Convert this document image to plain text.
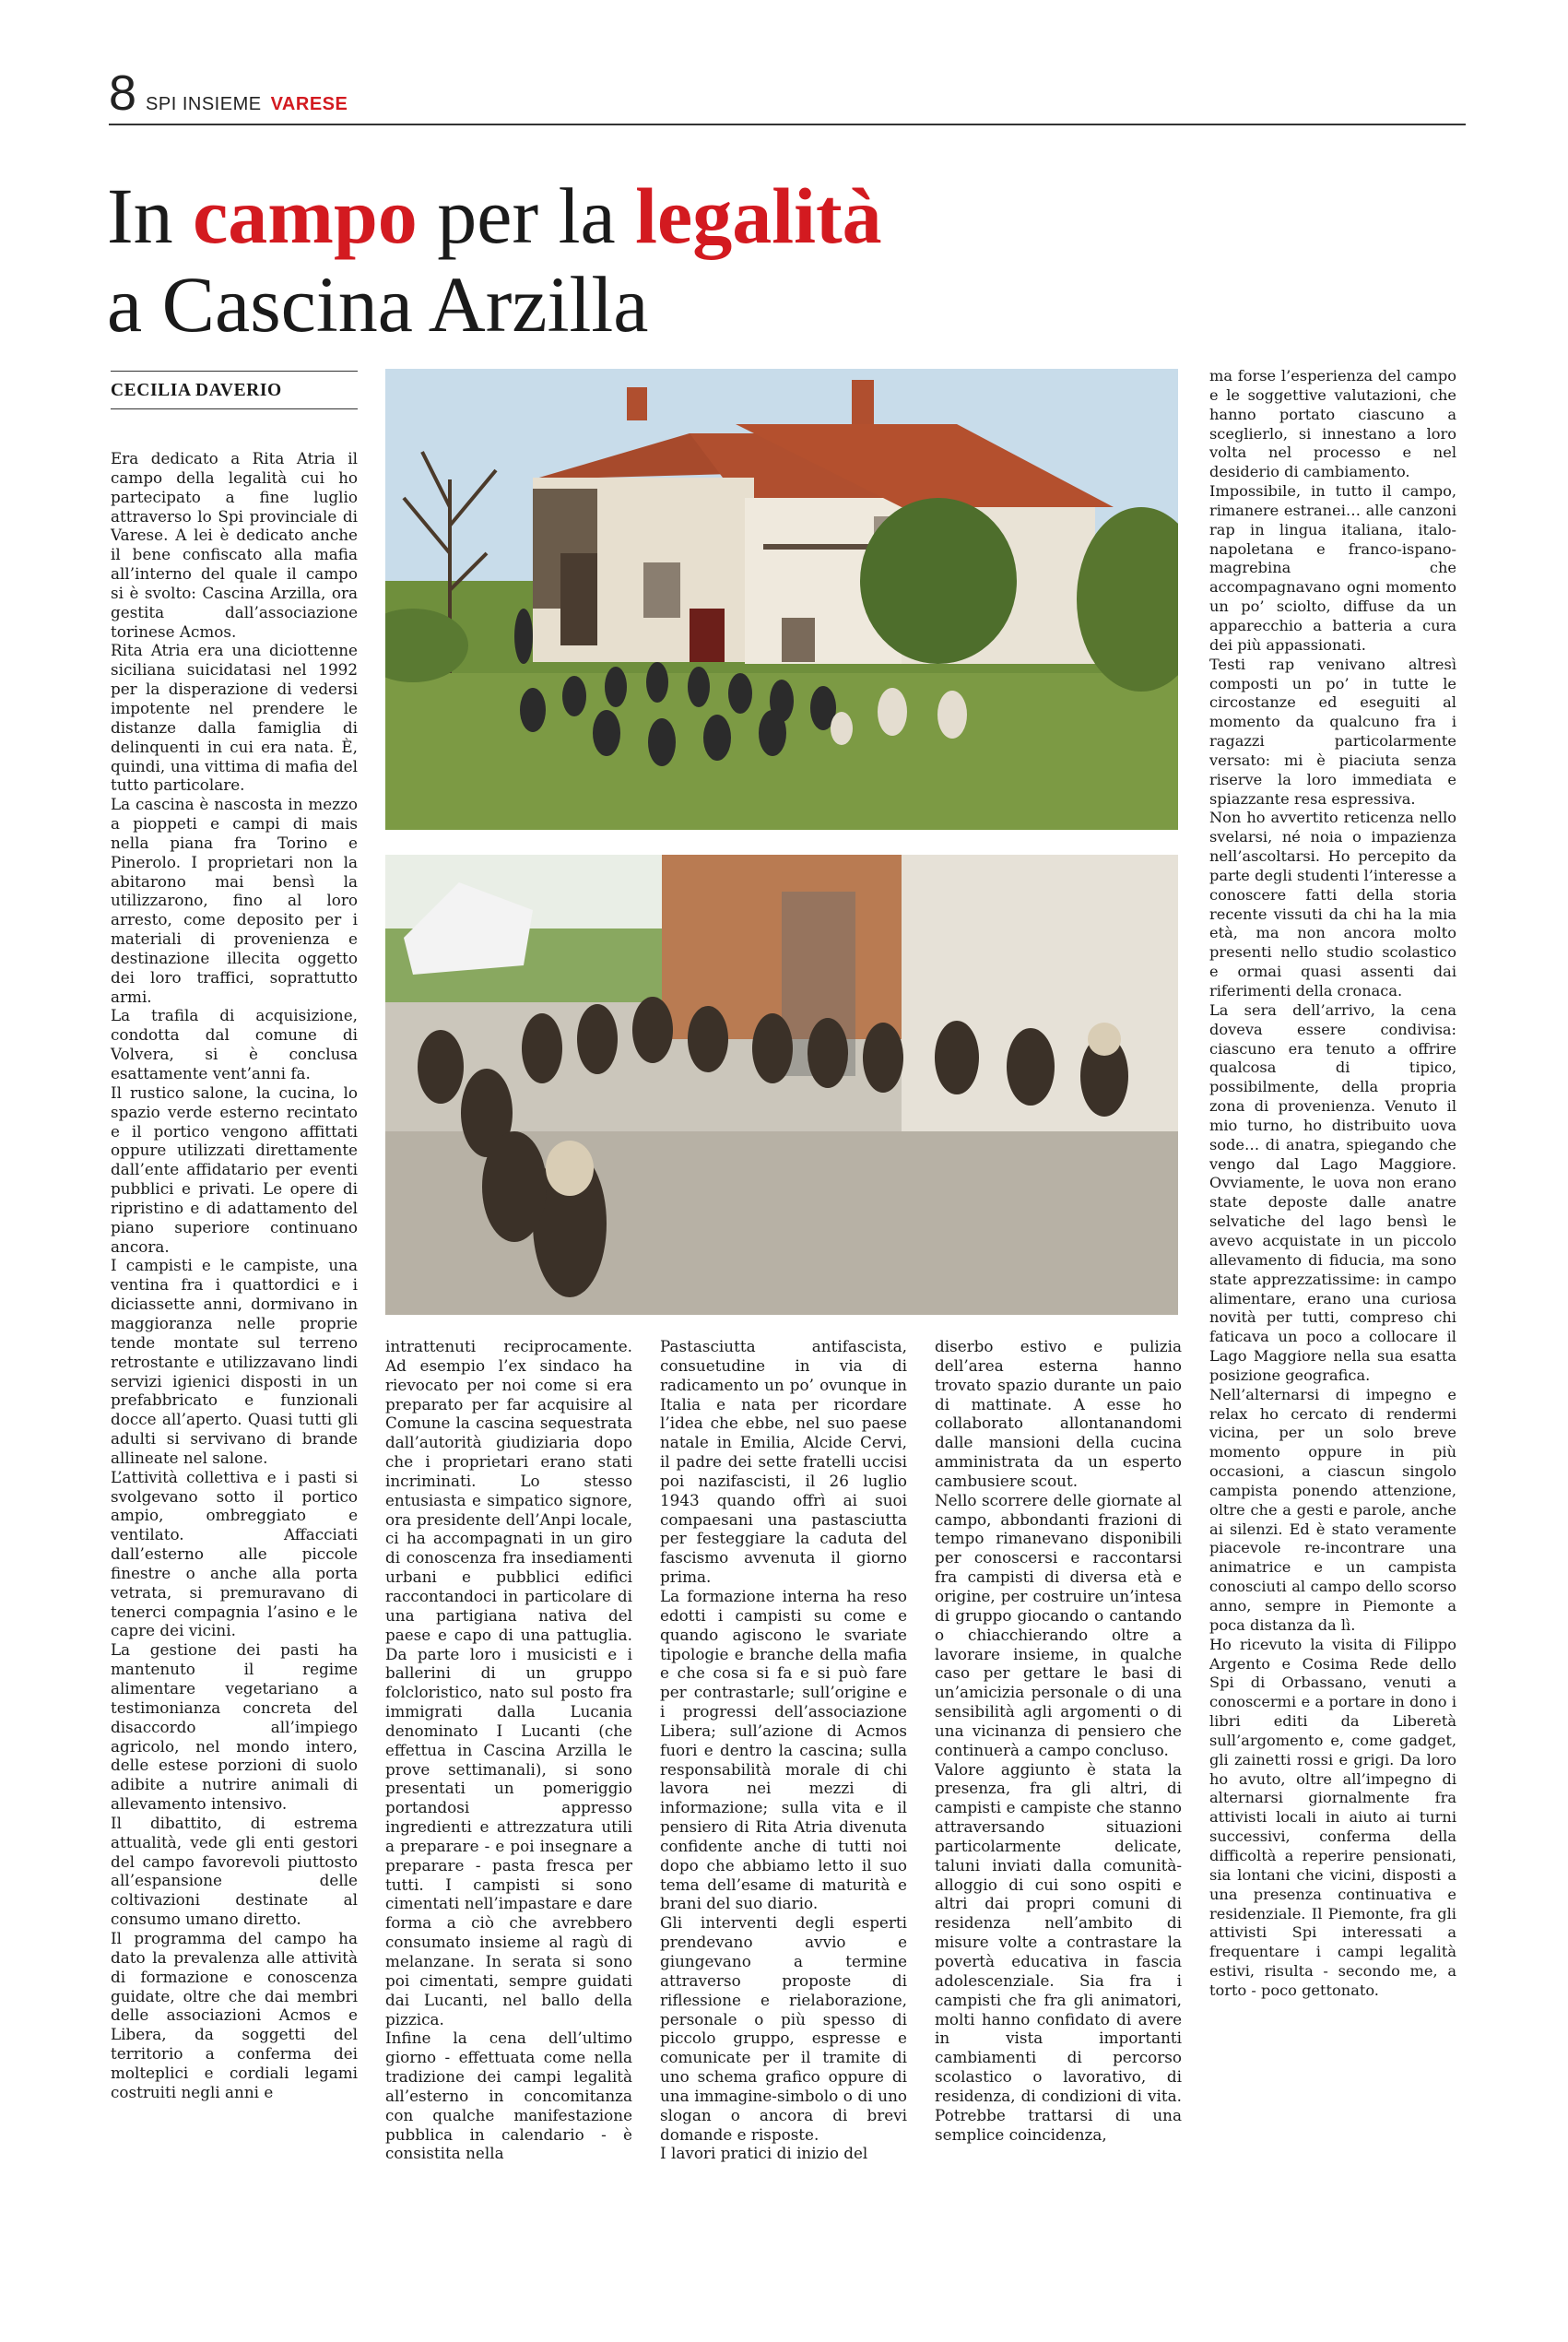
8 SPI INSIEME VARESE
In campo per la legalità
a Cascina Arzilla
CECILIA DAVERIO

Era dedicato a Rita Atria il campo della legalità cui ho partecipato a fine luglio attraverso lo Spi provinciale di Varese. A lei è dedicato anche il bene confiscato alla mafia all’interno del quale il campo si è svolto: Cascina Arzilla, ora gestita dall’associazione torinese Acmos.

Rita Atria era una diciottenne siciliana suicidatasi nel 1992 per la disperazione di vedersi impotente nel prendere le distanze dalla famiglia di delinquenti in cui era nata. È, quindi, una vittima di mafia del tutto particolare.

La cascina è nascosta in mezzo a pioppeti e campi di mais nella piana fra Torino e Pinerolo. I proprietari non la abitarono mai bensì la utilizzarono, fino al loro arresto, come deposito per i materiali di provenienza e destinazione illecita oggetto dei loro traffici, soprattutto armi.

La trafila di acquisizione, condotta dal comune di Volvera, si è conclusa esattamente vent’anni fa.

Il rustico salone, la cucina, lo spazio verde esterno recintato e il portico vengono affittati oppure utilizzati direttamente dall’ente affidatario per eventi pubblici e privati. Le opere di ripristino e di adattamento del piano superiore continuano ancora.

I campisti e le campiste, una ventina fra i quattordici e i diciassette anni, dormivano in maggioranza nelle proprie tende montate sul terreno retrostante e utilizzavano lindi servizi igienici disposti in un prefabbricato e funzionali docce all’aperto. Quasi tutti gli adulti si servivano di brande allineate nel salone.

L’attività collettiva e i pasti si svolgevano sotto il portico ampio, ombreggiato e ventilato. Affacciati dall’esterno alle piccole finestre o anche alla porta vetrata, si premuravano di tenerci compagnia l’asino e le capre dei vicini.

La gestione dei pasti ha mantenuto il regime alimentare vegetariano a testimonianza concreta del disaccordo all’impiego agricolo, nel mondo intero, delle estese porzioni di suolo adibite a nutrire animali di allevamento intensivo.

Il dibattito, di estrema attualità, vede gli enti gestori del campo favorevoli piuttosto all’espansione delle coltivazioni destinate al consumo umano diretto.

Il programma del campo ha dato la prevalenza alle attività di formazione e conoscenza guidate, oltre che dai membri delle associazioni Acmos e Libera, da soggetti del territorio a conferma dei molteplici e cordiali legami costruiti negli anni e

intrattenuti reciprocamente. Ad esempio l’ex sindaco ha rievocato per noi come si era preparato per far acquisire al Comune la cascina sequestrata dall’autorità giudiziaria dopo che i proprietari erano stati incriminati. Lo stesso entusiasta e simpatico signore, ora presidente dell’Anpi locale, ci ha accompagnati in un giro di conoscenza fra insediamenti urbani e pubblici edifici raccontandoci in particolare di una partigiana nativa del paese e capo di una pattuglia. Da parte loro i musicisti e i ballerini di un gruppo folcloristico, nato sul posto fra immigrati dalla Lucania denominato I Lucanti (che effettua in Cascina Arzilla le prove settimanali), si sono presentati un pomeriggio portandosi appresso ingredienti e attrezzatura utili a preparare - e poi insegnare a preparare - pasta fresca per tutti. I campisti si sono cimentati nell’impastare e dare forma a ciò che avrebbero consumato insieme al ragù di melanzane. In serata si sono poi cimentati, sempre guidati dai Lucanti, nel ballo della pizzica.

Infine la cena dell’ultimo giorno - effettuata come nella tradizione dei campi legalità all’esterno in concomitanza con qualche manifestazione pubblica in calendario - è consistita nella

Pastasciutta antifascista, consuetudine in via di radicamento un po’ ovunque in Italia e nata per ricordare l’idea che ebbe, nel suo paese natale in Emilia, Alcide Cervi, il padre dei sette fratelli uccisi poi nazifascisti, il 26 luglio 1943 quando offrì ai suoi compaesani una pastasciutta per festeggiare la caduta del fascismo avvenuta il giorno prima.

La formazione interna ha reso edotti i campisti su come e quando agiscono le svariate tipologie e branche della mafia e che cosa si fa e si può fare per contrastarle; sull’origine e i progressi dell’associazione Libera; sull’azione di Acmos fuori e dentro la cascina; sulla responsabilità morale di chi lavora nei mezzi di informazione; sulla vita e il pensiero di Rita Atria divenuta confidente anche di tutti noi dopo che abbiamo letto il suo tema dell’esame di maturità e brani del suo diario.

Gli interventi degli esperti prendevano avvio e giungevano a termine attraverso proposte di riflessione e rielaborazione, personale o più spesso di piccolo gruppo, espresse e comunicate per il tramite di uno schema grafico oppure di una immagine-simbolo o di uno slogan o ancora di brevi domande e risposte.

I lavori pratici di inizio del

diserbo estivo e pulizia dell’area esterna hanno trovato spazio durante un paio di mattinate. A esse ho collaborato allontanandomi dalle mansioni della cucina amministrata da un esperto cambusiere scout.

Nello scorrere delle giornate al campo, abbondanti frazioni di tempo rimanevano disponibili per conoscersi e raccontarsi fra campisti di diversa età e origine, per costruire un’intesa di gruppo giocando o cantando o chiacchierando oltre a lavorare insieme, in qualche caso per gettare le basi di un’amicizia personale o di una sensibilità agli argomenti o di una vicinanza di pensiero che continuerà a campo concluso.

Valore aggiunto è stata la presenza, fra gli altri, di campisti e campiste che stanno attraversando situazioni particolarmente delicate, taluni inviati dalla comunità-alloggio di cui sono ospiti e altri dai propri comuni di residenza nell’ambito di misure volte a contrastare la povertà educativa in fascia adolescenziale. Sia fra i campisti che fra gli animatori, molti hanno confidato di avere in vista importanti cambiamenti di percorso scolastico o lavorativo, di residenza, di condizioni di vita. Potrebbe trattarsi di una semplice coincidenza,

ma forse l’esperienza del campo e le soggettive valutazioni, che hanno portato ciascuno a sceglierlo, si innestano a loro volta nel processo e nel desiderio di cambiamento.

Impossibile, in tutto il campo, rimanere estranei… alle canzoni rap in lingua italiana, italo-napoletana e franco-ispano-magrebina che accompagnavano ogni momento un po’ sciolto, diffuse da un apparecchio a batteria a cura dei più appassionati.

Testi rap venivano altresì composti un po’ in tutte le circostanze ed eseguiti al momento da qualcuno fra i ragazzi particolarmente versato: mi è piaciuta senza riserve la loro immediata e spiazzante resa espressiva.

Non ho avvertito reticenza nello svelarsi, né noia o impazienza nell’ascoltarsi. Ho percepito da parte degli studenti l’interesse a conoscere fatti della storia recente vissuti da chi ha la mia età, ma non ancora molto presenti nello studio scolastico e ormai quasi assenti dai riferimenti della cronaca.

La sera dell’arrivo, la cena doveva essere condivisa: ciascuno era tenuto a offrire qualcosa di tipico, possibilmente, della propria zona di provenienza. Venuto il mio turno, ho distribuito uova sode… di anatra, spiegando che vengo dal Lago Maggiore. Ovviamente, le uova non erano state deposte dalle anatre selvatiche del lago bensì le avevo acquistate in un piccolo allevamento di fiducia, ma sono state apprezzatissime: in campo alimentare, erano una curiosa novità per tutti, compreso chi faticava un poco a collocare il Lago Maggiore nella sua esatta posizione geografica.

Nell’alternarsi di impegno e relax ho cercato di rendermi vicina, per un solo breve momento oppure in più occasioni, a ciascun singolo campista ponendo attenzione, oltre che a gesti e parole, anche ai silenzi. Ed è stato veramente piacevole re-incontrare una animatrice e un campista conosciuti al campo dello scorso anno, sempre in Piemonte a poca distanza da lì.

Ho ricevuto la visita di Filippo Argento e Cosima Rede dello Spi di Orbassano, venuti a conoscermi e a portare in dono i libri editi da Liberetà sull’argomento e, come gadget, gli zainetti rossi e grigi. Da loro ho avuto, oltre all’impegno di alternarsi giornalmente fra attivisti locali in aiuto ai turni successivi, conferma della difficoltà a reperire pensionati, sia lontani che vicini, disposti a una presenza continuativa e residenziale. Il Piemonte, fra gli attivisti Spi interessati a frequentare i campi legalità estivi, risulta - secondo me, a torto - poco gettonato.
